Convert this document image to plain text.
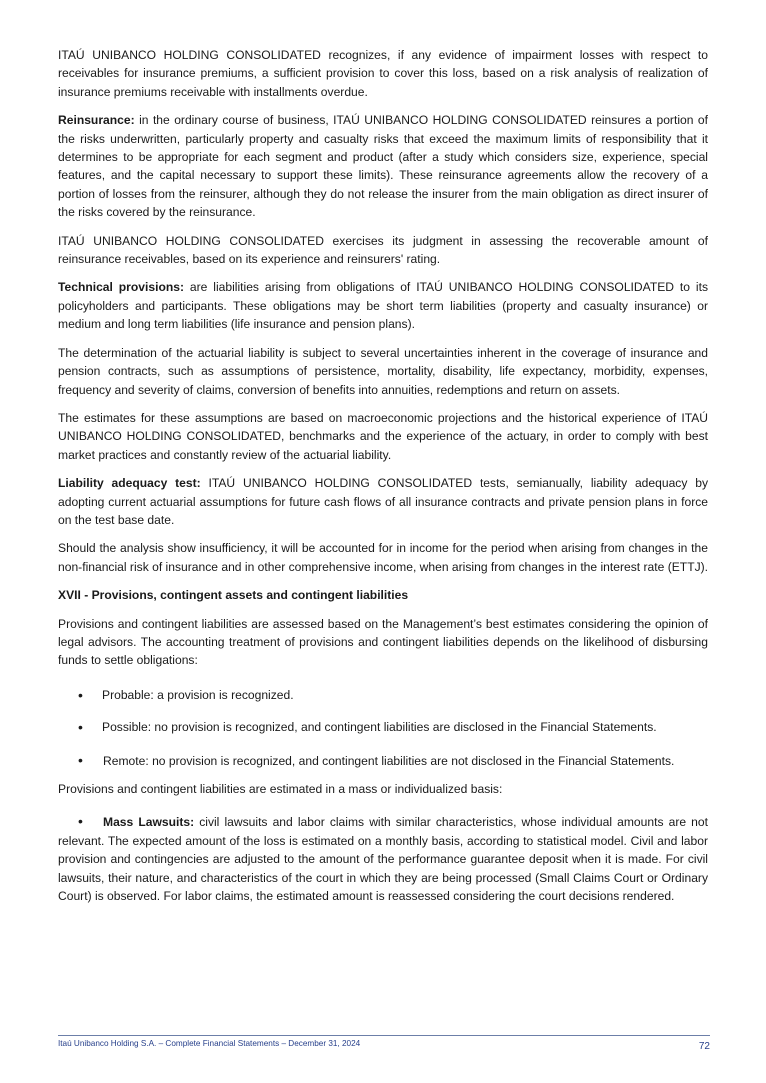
ITAÚ UNIBANCO HOLDING CONSOLIDATED recognizes, if any evidence of impairment losses with respect to receivables for insurance premiums, a sufficient provision to cover this loss, based on a risk analysis of realization of insurance premiums receivable with installments overdue.

Reinsurance: in the ordinary course of business, ITAÚ UNIBANCO HOLDING CONSOLIDATED reinsures a portion of the risks underwritten, particularly property and casualty risks that exceed the maximum limits of responsibility that it determines to be appropriate for each segment and product (after a study which considers size, experience, special features, and the capital necessary to support these limits). These reinsurance agreements allow the recovery of a portion of losses from the reinsurer, although they do not release the insurer from the main obligation as direct insurer of the risks covered by the reinsurance.

ITAÚ UNIBANCO HOLDING CONSOLIDATED exercises its judgment in assessing the recoverable amount of reinsurance receivables, based on its experience and reinsurers' rating.

Technical provisions: are liabilities arising from obligations of ITAÚ UNIBANCO HOLDING CONSOLIDATED to its policyholders and participants. These obligations may be short term liabilities (property and casualty insurance) or medium and long term liabilities (life insurance and pension plans).

The determination of the actuarial liability is subject to several uncertainties inherent in the coverage of insurance and pension contracts, such as assumptions of persistence, mortality, disability, life expectancy, morbidity, expenses, frequency and severity of claims, conversion of benefits into annuities, redemptions and return on assets.

The estimates for these assumptions are based on macroeconomic projections and the historical experience of ITAÚ UNIBANCO HOLDING CONSOLIDATED, benchmarks and the experience of the actuary, in order to comply with best market practices and constantly review of the actuarial liability.

Liability adequacy test: ITAÚ UNIBANCO HOLDING CONSOLIDATED tests, semianually, liability adequacy by adopting current actuarial assumptions for future cash flows of all insurance contracts and private pension plans in force on the test base date.

Should the analysis show insufficiency, it will be accounted for in income for the period when arising from changes in the non-financial risk of insurance and in other comprehensive income, when arising from changes in the interest rate (ETTJ).

XVII - Provisions, contingent assets and contingent liabilities

Provisions and contingent liabilities are assessed based on the Management’s best estimates considering the opinion of legal advisors. The accounting treatment of provisions and contingent liabilities depends on the likelihood of disbursing funds to settle obligations:

•	Probable: a provision is recognized.
•	Possible: no provision is recognized, and contingent liabilities are disclosed in the Financial Statements.
• Remote: no provision is recognized, and contingent liabilities are not disclosed in the Financial Statements.

Provisions and contingent liabilities are estimated in a mass or individualized basis:

• Mass Lawsuits: civil lawsuits and labor claims with similar characteristics, whose individual amounts are not relevant. The expected amount of the loss is estimated on a monthly basis, according to statistical model. Civil and labor provision and contingencies are adjusted to the amount of the performance guarantee deposit when it is made. For civil lawsuits, their nature, and characteristics of the court in which they are being processed (Small Claims Court or Ordinary Court) is observed. For labor claims, the estimated amount is reassessed considering the court decisions rendered.
Itaú Unibanco Holding S.A. – Complete Financial Statements – December 31, 2024	72
